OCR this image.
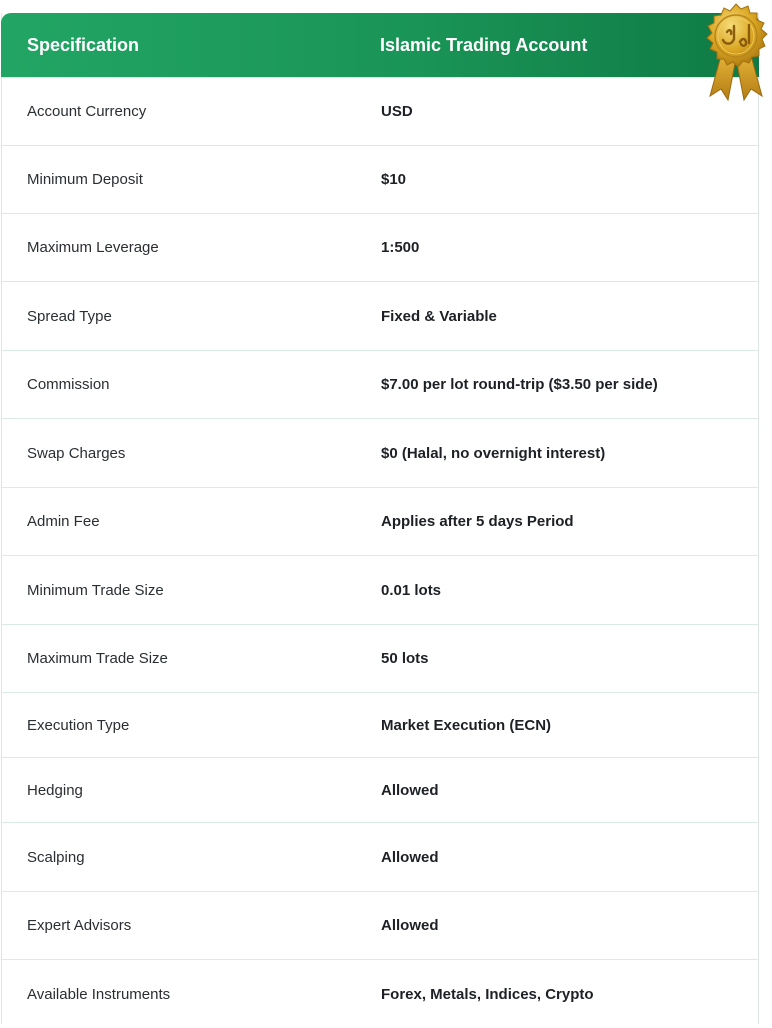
Specification	Islamic Trading Account
Account Currency	USD
Minimum Deposit	$10
Maximum Leverage	1:500
Spread Type	Fixed & Variable
Commission	$7.00 per lot round-trip ($3.50 per side)
Swap Charges	$0 (Halal, no overnight interest)
Admin Fee	Applies after 5 days Period
Minimum Trade Size	0.01 lots
Maximum Trade Size	50 lots
Execution Type	Market Execution (ECN)
Hedging	Allowed
Scalping	Allowed
Expert Advisors	Allowed
Available Instruments	Forex, Metals, Indices, Crypto
